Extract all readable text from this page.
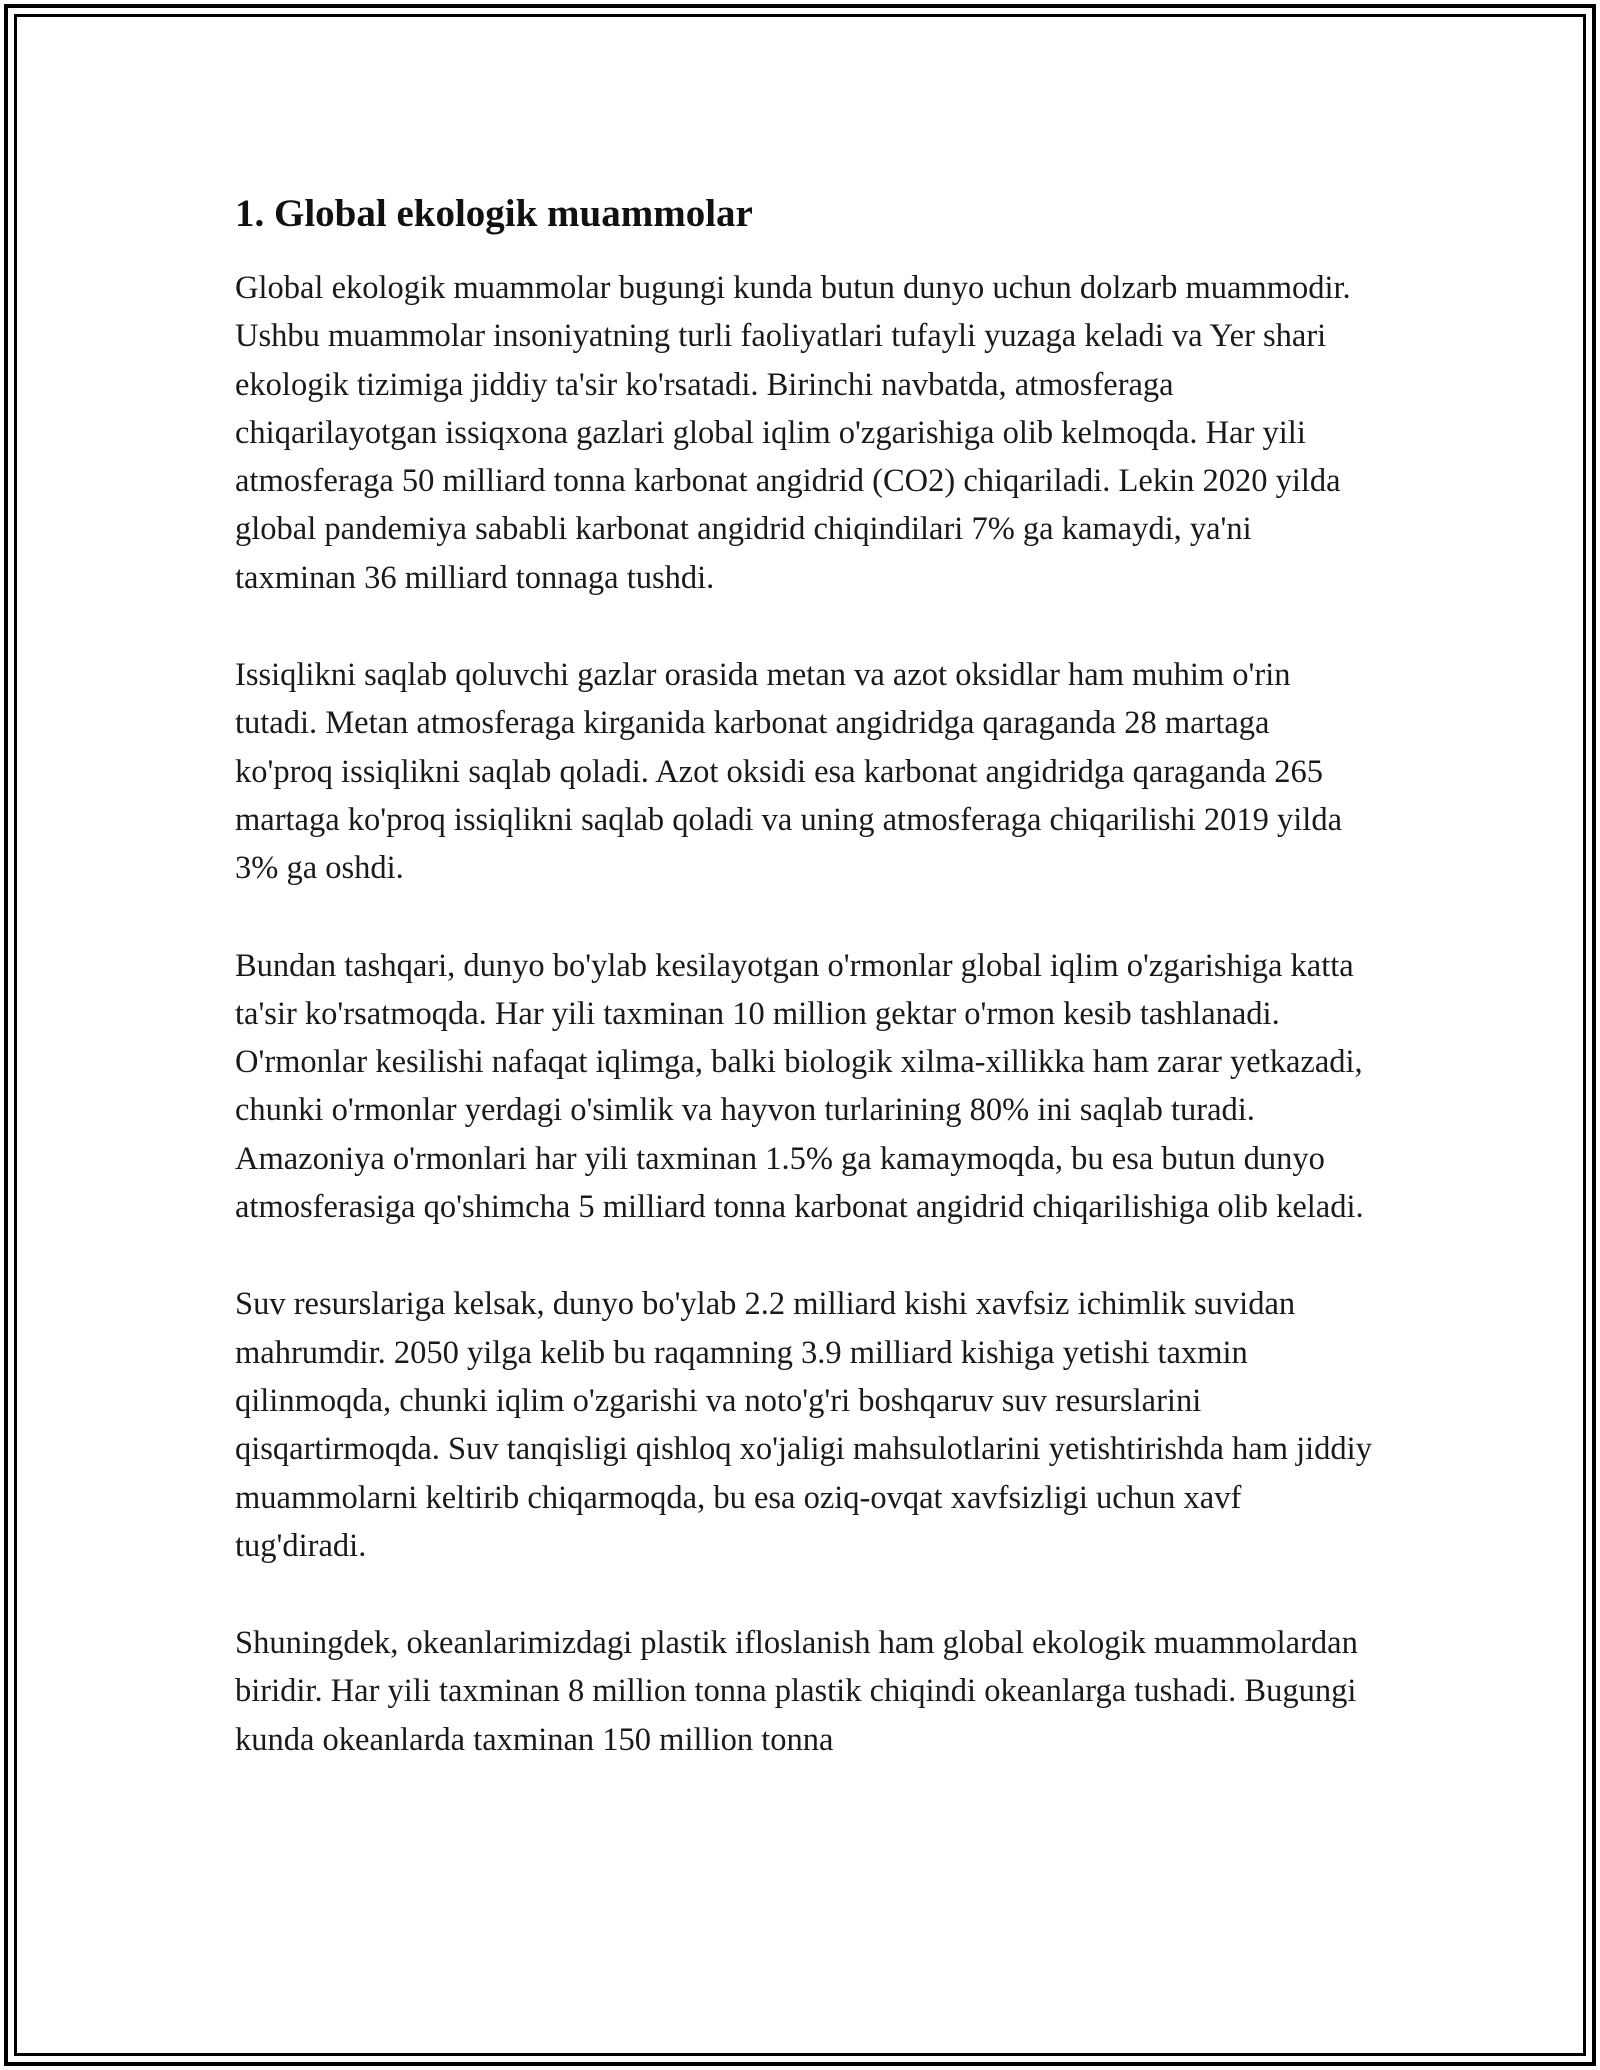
1. Global ekologik muammolar

Global ekologik muammolar bugungi kunda butun dunyo uchun dolzarb muammodir. Ushbu muammolar insoniyatning turli faoliyatlari tufayli yuzaga keladi va Yer shari ekologik tizimiga jiddiy ta'sir ko'rsatadi. Birinchi navbatda, atmosferaga chiqarilayotgan issiqxona gazlari global iqlim o'zgarishiga olib kelmoqda. Har yili atmosferaga 50 milliard tonna karbonat angidrid (CO2) chiqariladi. Lekin 2020 yilda global pandemiya sababli karbonat angidrid chiqindilari 7% ga kamaydi, ya'ni taxminan 36 milliard tonnaga tushdi.

Issiqlikni saqlab qoluvchi gazlar orasida metan va azot oksidlar ham muhim o'rin tutadi. Metan atmosferaga kirganida karbonat angidridga qaraganda 28 martaga ko'proq issiqlikni saqlab qoladi. Azot oksidi esa karbonat angidridga qaraganda 265 martaga ko'proq issiqlikni saqlab qoladi va uning atmosferaga chiqarilishi 2019 yilda 3% ga oshdi.

Bundan tashqari, dunyo bo'ylab kesilayotgan o'rmonlar global iqlim o'zgarishiga katta ta'sir ko'rsatmoqda. Har yili taxminan 10 million gektar o'rmon kesib tashlanadi. O'rmonlar kesilishi nafaqat iqlimga, balki biologik xilma-xillikka ham zarar yetkazadi, chunki o'rmonlar yerdagi o'simlik va hayvon turlarining 80% ini saqlab turadi. Amazoniya o'rmonlari har yili taxminan 1.5% ga kamaymoqda, bu esa butun dunyo atmosferasiga qo'shimcha 5 milliard tonna karbonat angidrid chiqarilishiga olib keladi.

Suv resurslariga kelsak, dunyo bo'ylab 2.2 milliard kishi xavfsiz ichimlik suvidan mahrumdir. 2050 yilga kelib bu raqamning 3.9 milliard kishiga yetishi taxmin qilinmoqda, chunki iqlim o'zgarishi va noto'g'ri boshqaruv suv resurslarini qisqartirmoqda. Suv tanqisligi qishloq xo'jaligi mahsulotlarini yetishtirishda ham jiddiy muammolarni keltirib chiqarmoqda, bu esa oziq-ovqat xavfsizligi uchun xavf tug'diradi.

Shuningdek, okeanlarimizdagi plastik ifloslanish ham global ekologik muammolardan biridir. Har yili taxminan 8 million tonna plastik chiqindi okeanlarga tushadi. Bugungi kunda okeanlarda taxminan 150 million tonna
